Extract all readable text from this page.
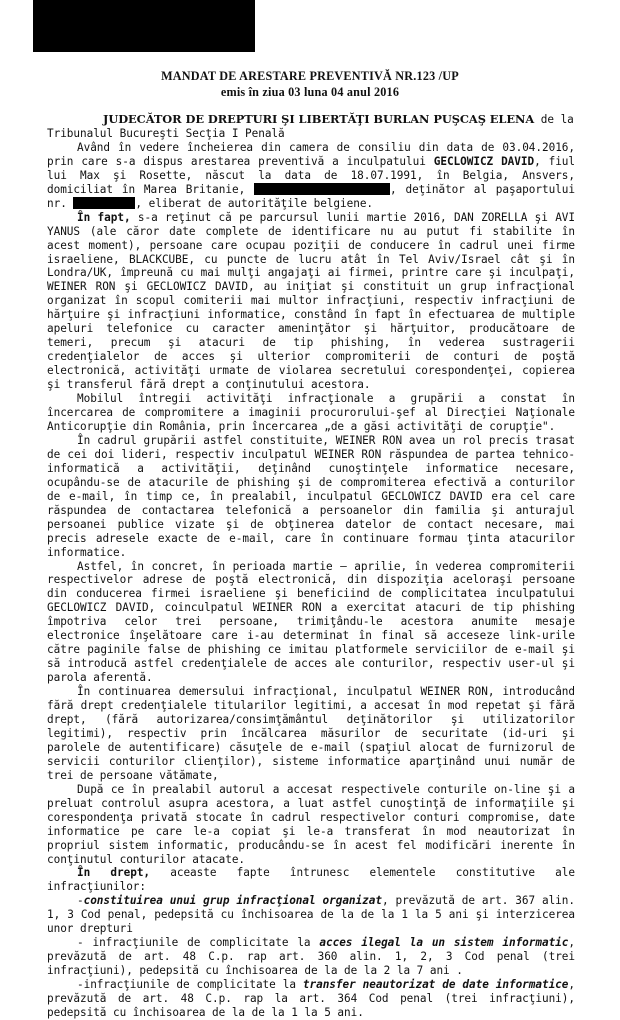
MANDAT DE ARESTARE PREVENTIVĂ NR.123 /UP
emis în ziua 03 luna 04 anul 2016

JUDECĂTOR DE DREPTURI ŞI LIBERTĂŢI BURLAN PUŞCAŞ ELENA de la

Tribunalul Bucureşti Secţia I Penală

Având în vedere încheierea din camera de consiliu din data de 03.04.2016, prin care s-a dispus arestarea preventivă a inculpatului GECLOWICZ DAVID, fiul lui Max şi Rosette, născut la data de 18.07.1991, în Belgia, Ansvers, domiciliat în Marea Britanie,	, deţinător al paşaportului nr.	, eliberat de autorităţile belgiene.

În fapt, s-a reţinut că pe parcursul lunii martie 2016, DAN ZORELLA şi AVI YANUS (ale căror date complete de identificare nu au putut fi stabilite în acest moment), persoane care ocupau poziţii de conducere în cadrul unei firme israeliene, BLACKCUBE, cu puncte de lucru atât în Tel Aviv/Israel cât şi în Londra/UK, împreună cu mai mulţi angajaţi ai firmei, printre care şi inculpaţi, WEINER RON şi GECLOWICZ DAVID, au iniţiat şi constituit un grup infracţional organizat în scopul comiterii mai multor infracţiuni, respectiv infracţiuni de hărţuire şi infracţiuni informatice, constând în fapt în efectuarea de multiple apeluri telefonice cu caracter ameninţător şi hărţuitor, producătoare de temeri, precum şi atacuri de tip phishing, în vederea sustragerii credenţialelor de acces şi ulterior compromiterii de conturi de poştă electronică, activităţi urmate de violarea secretului corespondenţei, copierea şi transferul fără drept a conţinutului acestora.

Mobilul întregii activităţi infracţionale a grupării a constat în încercarea de compromitere a imaginii procurorului-şef al Direcţiei Naţionale Anticorupţie din România, prin încercarea „de a găsi activităţi de corupţie".

În cadrul grupării astfel constituite, WEINER RON avea un rol precis trasat de cei doi lideri, respectiv inculpatul WEINER RON răspundea de partea tehnico-informatică a activităţii, deţinând cunoştinţele informatice necesare, ocupându-se de atacurile de phishing şi de compromiterea efectivă a conturilor de e-mail, în timp ce, în prealabil, inculpatul GECLOWICZ DAVID era cel care răspundea de contactarea telefonică a persoanelor din familia şi anturajul persoanei publice vizate şi de obţinerea datelor de contact necesare, mai precis adresele exacte de e-mail, care în continuare formau ţinta atacurilor informatice.

Astfel, în concret, în perioada martie – aprilie, în vederea compromiterii respectivelor adrese de poştă electronică, din dispoziţia aceloraşi persoane din conducerea firmei israeliene şi beneficiind de complicitatea inculpatului GECLOWICZ DAVID, coinculpatul WEINER RON a exercitat atacuri de tip phishing împotriva celor trei persoane, trimiţându-le acestora anumite mesaje electronice înşelătoare care i-au determinat în final să acceseze link-urile către paginile false de phishing ce imitau platformele serviciilor de e-mail şi să introducă astfel credenţialele de acces ale conturilor, respectiv user-ul şi parola aferentă.

În continuarea demersului infracţional, inculpatul WEINER RON, introducând fără drept credenţialele titularilor legitimi, a accesat în mod repetat şi fără drept, (fără autorizarea/consimţământul deţinătorilor şi utilizatorilor legitimi), respectiv prin încălcarea măsurilor de securitate (id-uri şi parolele de autentificare) căsuţele de e-mail (spaţiul alocat de furnizorul de servicii conturilor clienţilor), sisteme informatice aparţinând unui număr de trei de persoane vătămate,

După ce în prealabil autorul a accesat respectivele conturile on-line şi a preluat controlul asupra acestora, a luat astfel cunoştinţă de informaţiile şi corespondenţa privată stocate în cadrul respectivelor conturi compromise, date informatice pe care le-a copiat şi le-a transferat în mod neautorizat în propriul sistem informatic, producându-se în acest fel modificări inerente în conţinutul conturilor atacate.

În drept, aceaste fapte întrunesc elementele constitutive ale infracţiunilor:

-constituirea unui grup infracţional organizat, prevăzută de art. 367 alin. 1, 3 Cod penal, pedepsită cu închisoarea de la de la 1 la 5 ani şi interzicerea unor drepturi

- infracţiunile de complicitate la acces ilegal la un sistem informatic, prevăzută de art. 48 C.p. rap art. 360 alin. 1, 2, 3 Cod penal (trei infracţiuni), pedepsită cu închisoarea de la de la 2 la 7 ani .

-infracţiunile de complicitate la transfer neautorizat de date informatice, prevăzută de art. 48 C.p. rap la art. 364 Cod penal (trei infracţiuni), pedepsită cu închisoarea de la de la 1 la 5 ani.
